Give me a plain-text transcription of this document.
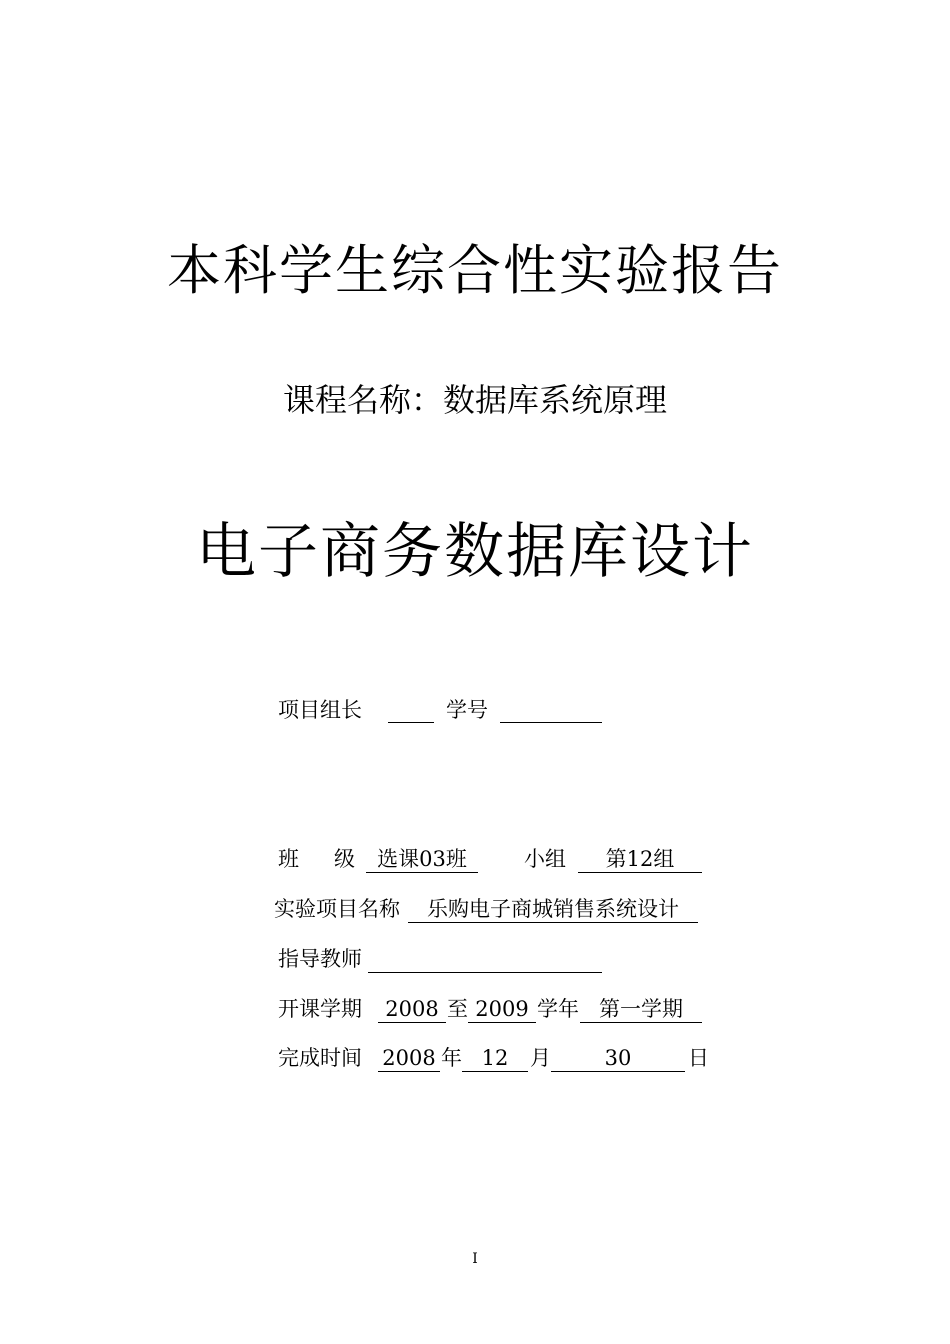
本科学生综合性实验报告
课程名称：数据库系统原理
电子商务数据库设计
项目组长	学号
班 级	选课03班	小组	第12组
实验项目名称	乐购电子商城销售系统设计
指导教师
开课学期	2008 至 2009 学年 第一学期
完成时间 2008 年 12	月	30	日
I
